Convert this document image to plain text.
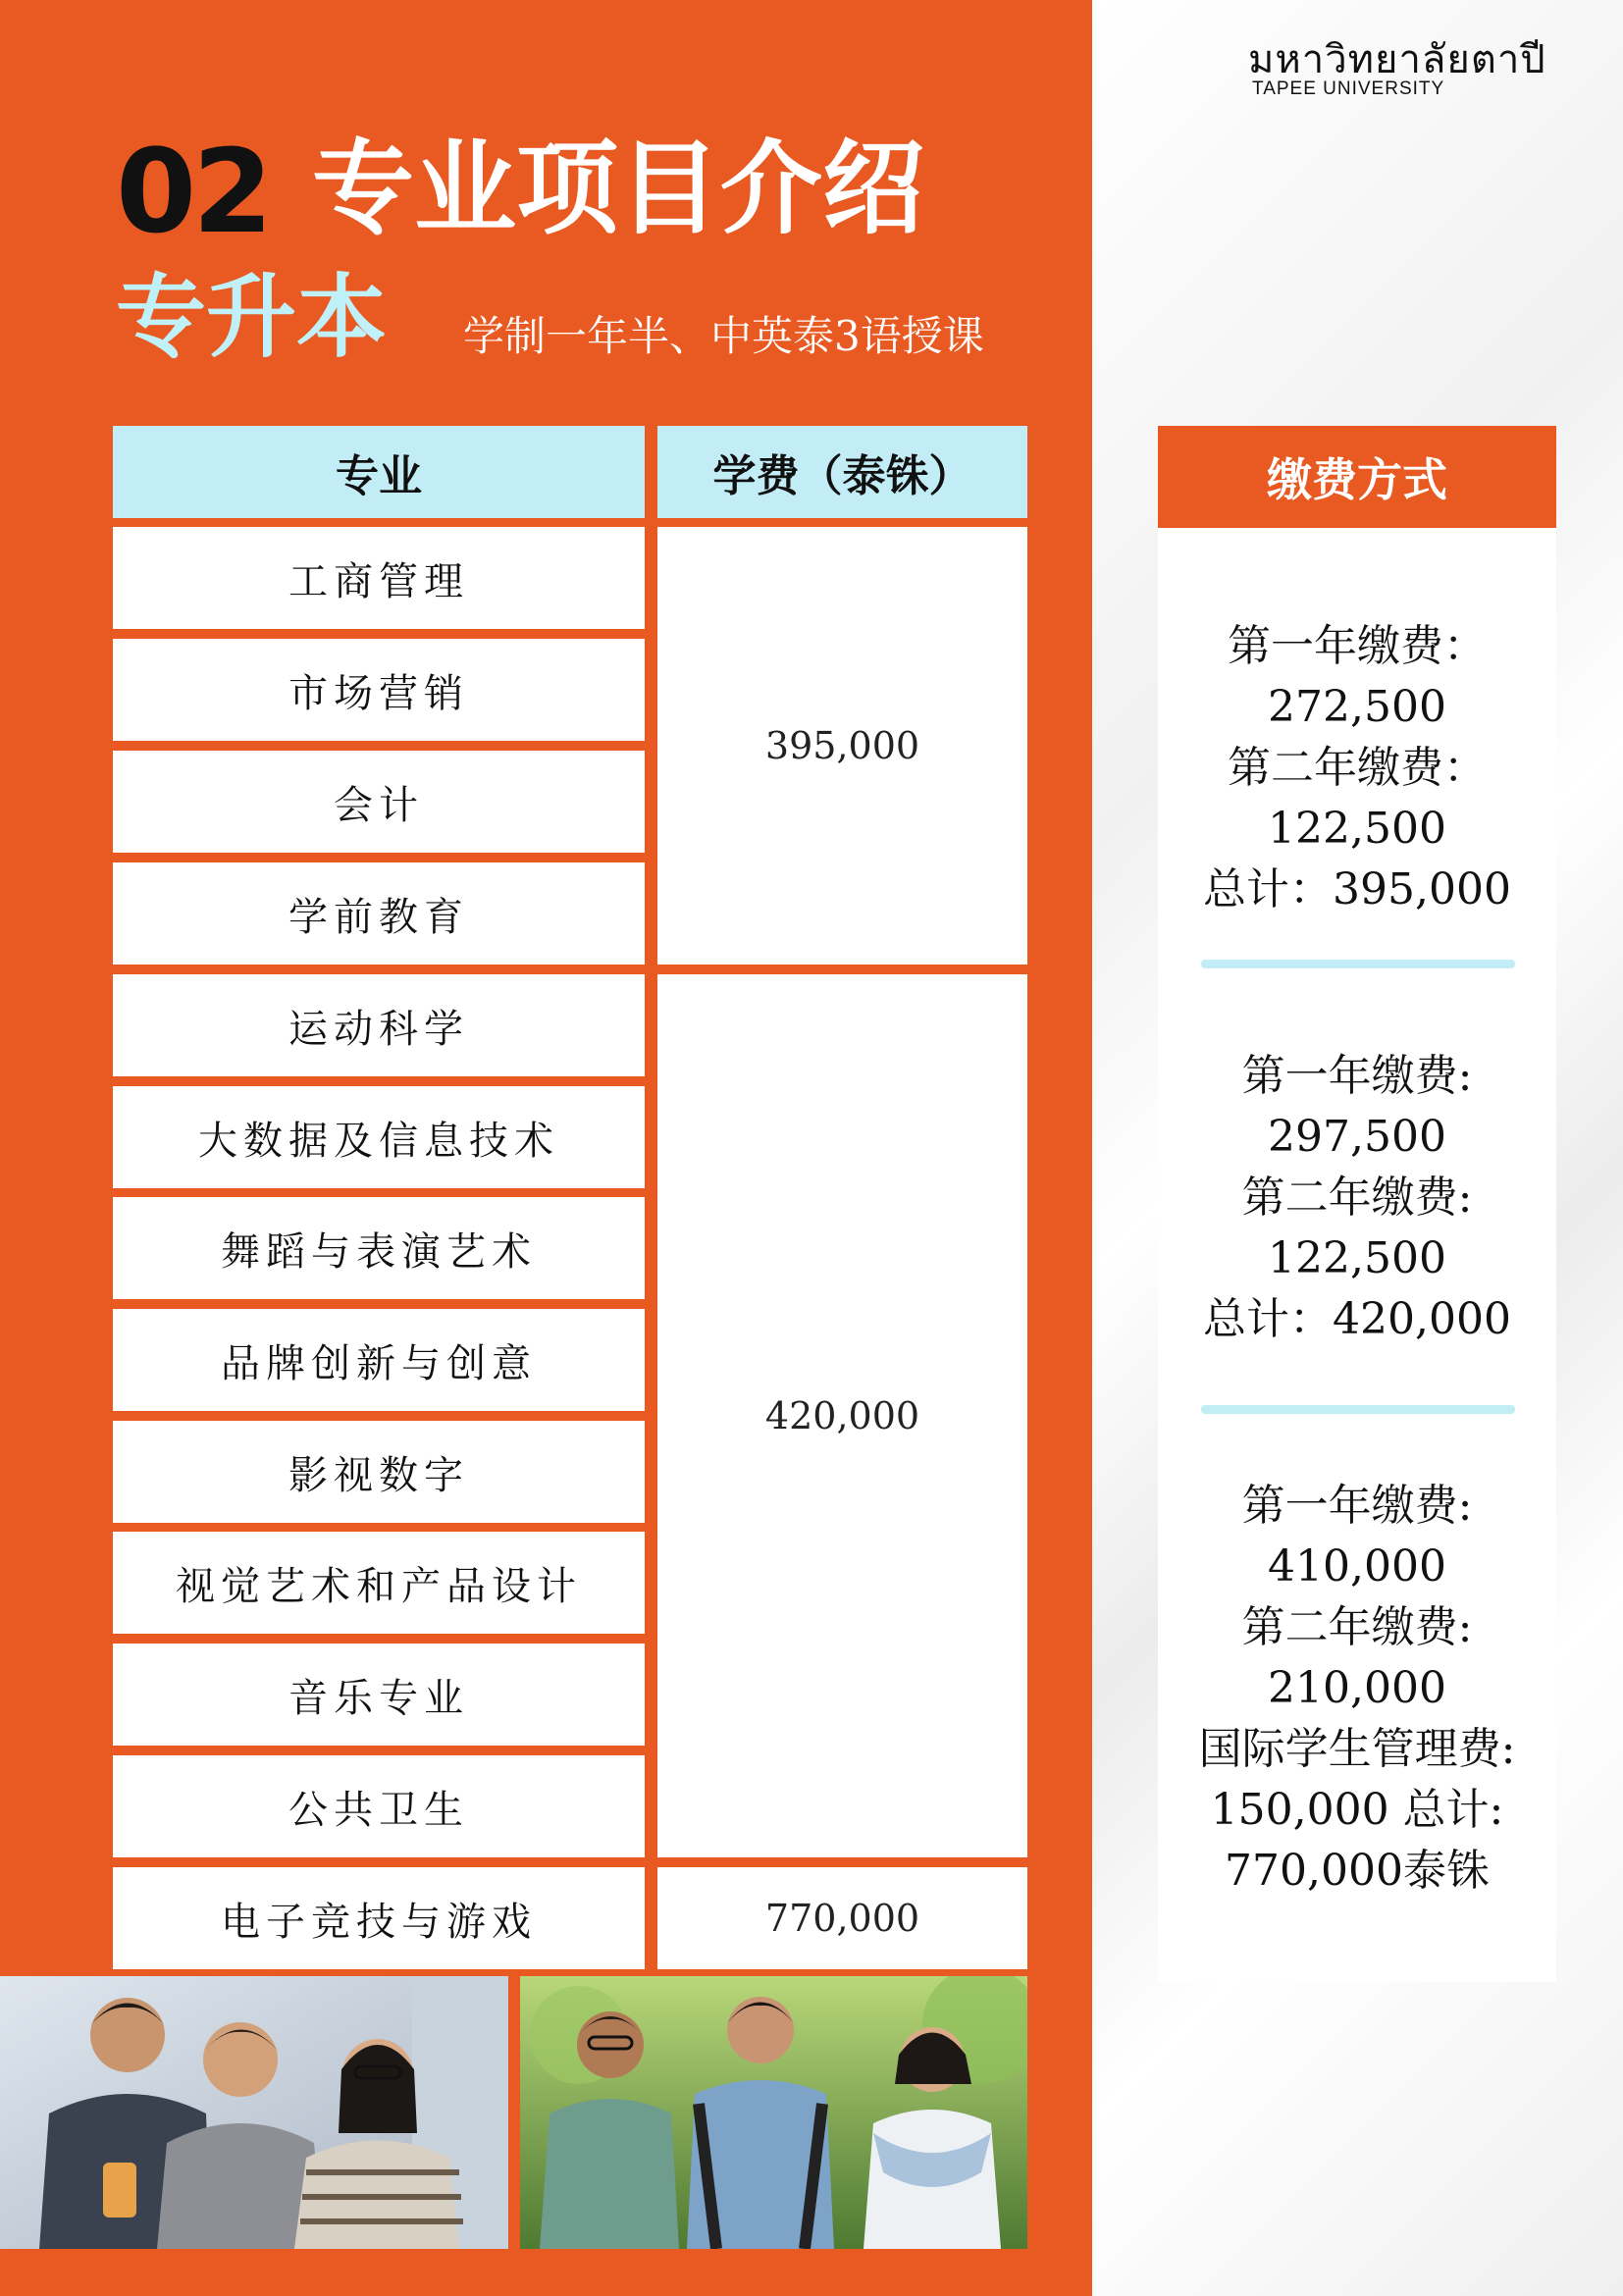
มหาวิทยาลัยตาปี
TAPEE UNIVERSITY
02 专业项目介绍
专升本 学制一年半、中英泰3语授课
专业	学费（泰铢）
工商管理
市场营销
会计
学前教育
运动科学
大数据及信息技术
舞蹈与表演艺术
品牌创新与创意
影视数字
视觉艺术和产品设计
音乐专业
公共卫生
电子竞技与游戏
395,000
420,000
770,000
缴费方式
第一年缴费：
272,500
第二年缴费：
122,500
总计：395,000
第一年缴费:
297,500
第二年缴费:
122,500
总计：420,000
第一年缴费:
410,000
第二年缴费:
210,000
国际学生管理费:
150,000 总计:
770,000泰铢
